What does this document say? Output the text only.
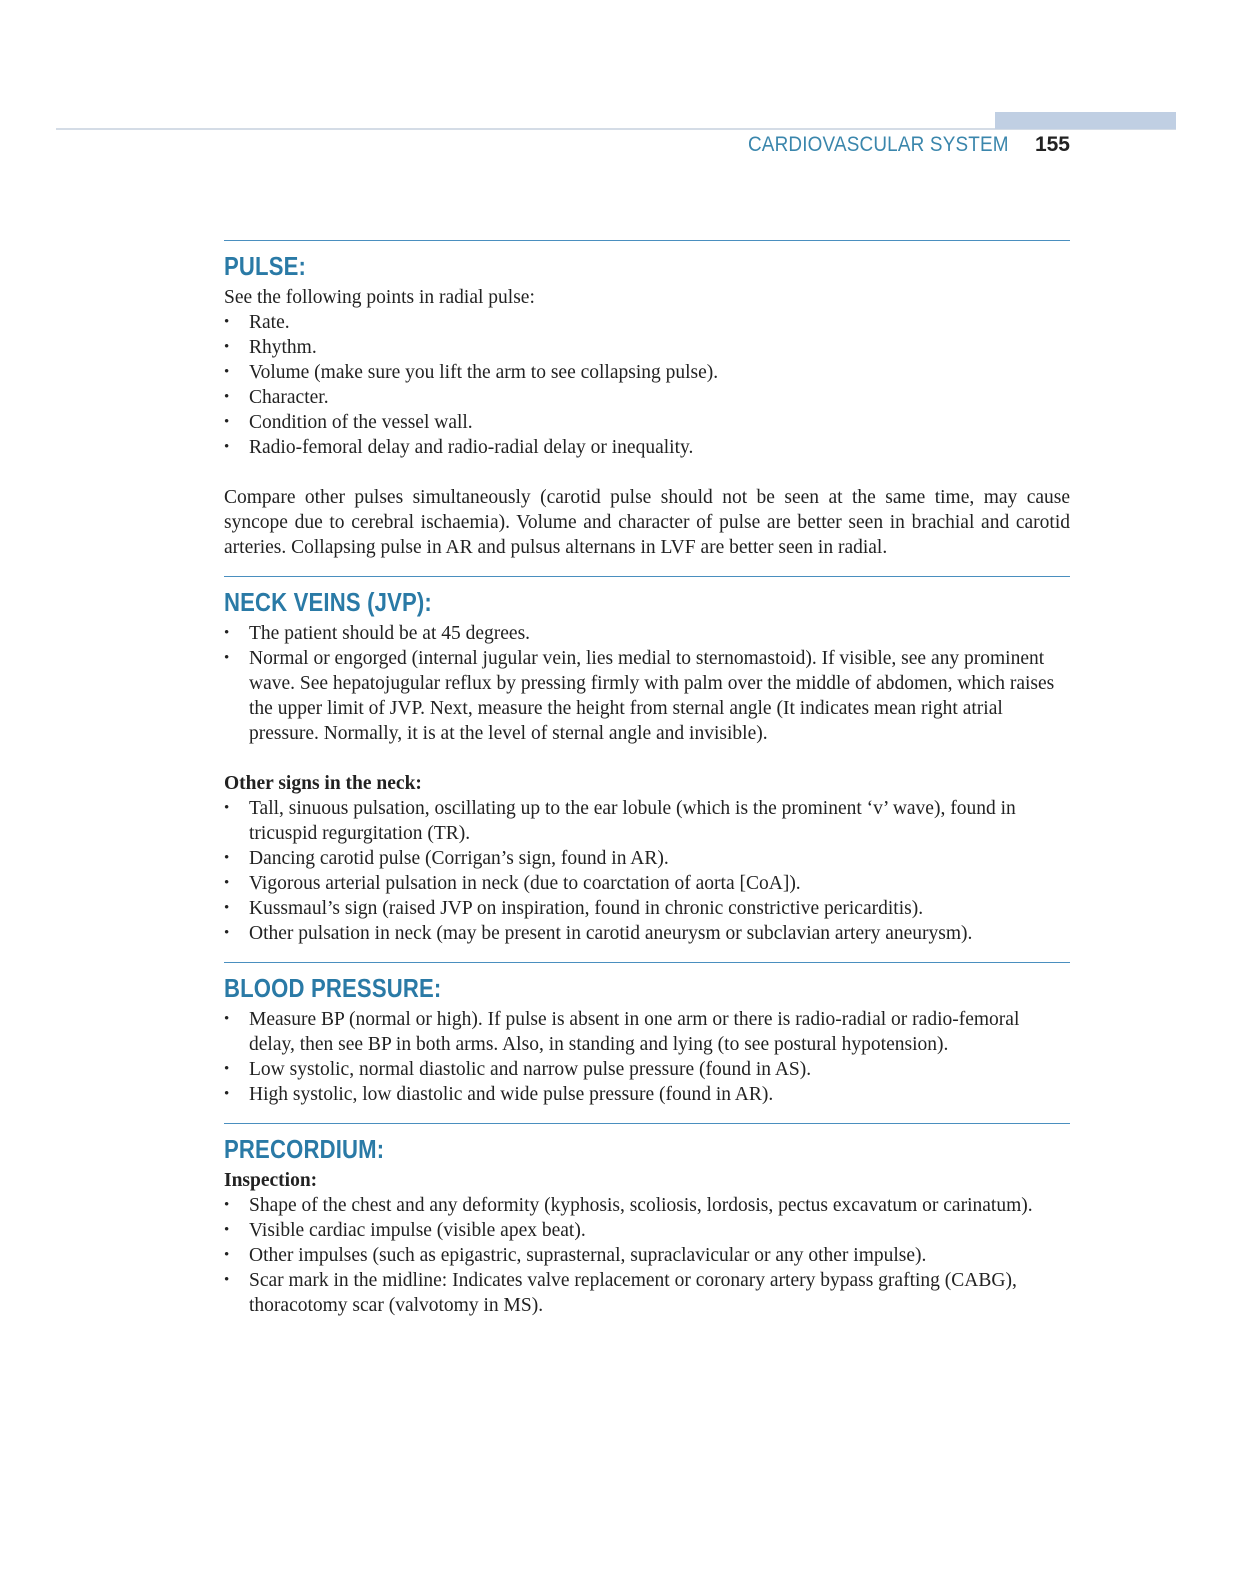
CARDIOVASCULAR SYSTEM 155
PULSE:

See the following points in radial pulse:

•	Rate.
•	Rhythm.
•	Volume (make sure you lift the arm to see collapsing pulse).
•	Character.
•	Condition of the vessel wall.
•	Radio-femoral delay and radio-radial delay or inequality.

Compare other pulses simultaneously (carotid pulse should not be seen at the same time, may cause syncope due to cerebral ischaemia). Volume and character of pulse are better seen in brachial and carotid arteries. Collapsing pulse in AR and pulsus alternans in LVF are better seen in radial.

NECK VEINS (JVP):
•	The patient should be at 45 degrees.
•	Normal or engorged (internal jugular vein, lies medial to sternomastoid). If visible, see any prominent wave. See hepatojugular reflux by pressing firmly with palm over the middle of abdomen, which raises the upper limit of JVP. Next, measure the height from sternal angle (It indicates mean right atrial pressure. Normally, it is at the level of sternal angle and invisible).

Other signs in the neck:

•	Tall, sinuous pulsation, oscillating up to the ear lobule (which is the prominent ‘v’ wave), found in tricuspid regurgitation (TR).
•	Dancing carotid pulse (Corrigan’s sign, found in AR).
•	Vigorous arterial pulsation in neck (due to coarctation of aorta [CoA]).
•	Kussmaul’s sign (raised JVP on inspiration, found in chronic constrictive pericarditis).
•	Other pulsation in neck (may be present in carotid aneurysm or subclavian artery aneurysm).
BLOOD PRESSURE:
•	Measure BP (normal or high). If pulse is absent in one arm or there is radio-radial or radio-femoral delay, then see BP in both arms. Also, in standing and lying (to see postural hypotension).
•	Low systolic, normal diastolic and narrow pulse pressure (found in AS).
•	High systolic, low diastolic and wide pulse pressure (found in AR).
PRECORDIUM:

Inspection:

•	Shape of the chest and any deformity (kyphosis, scoliosis, lordosis, pectus excavatum or carinatum).
•	Visible cardiac impulse (visible apex beat).
•	Other impulses (such as epigastric, suprasternal, supraclavicular or any other impulse).
•	Scar mark in the midline: Indicates valve replacement or coronary artery bypass grafting (CABG), thoracotomy scar (valvotomy in MS).
